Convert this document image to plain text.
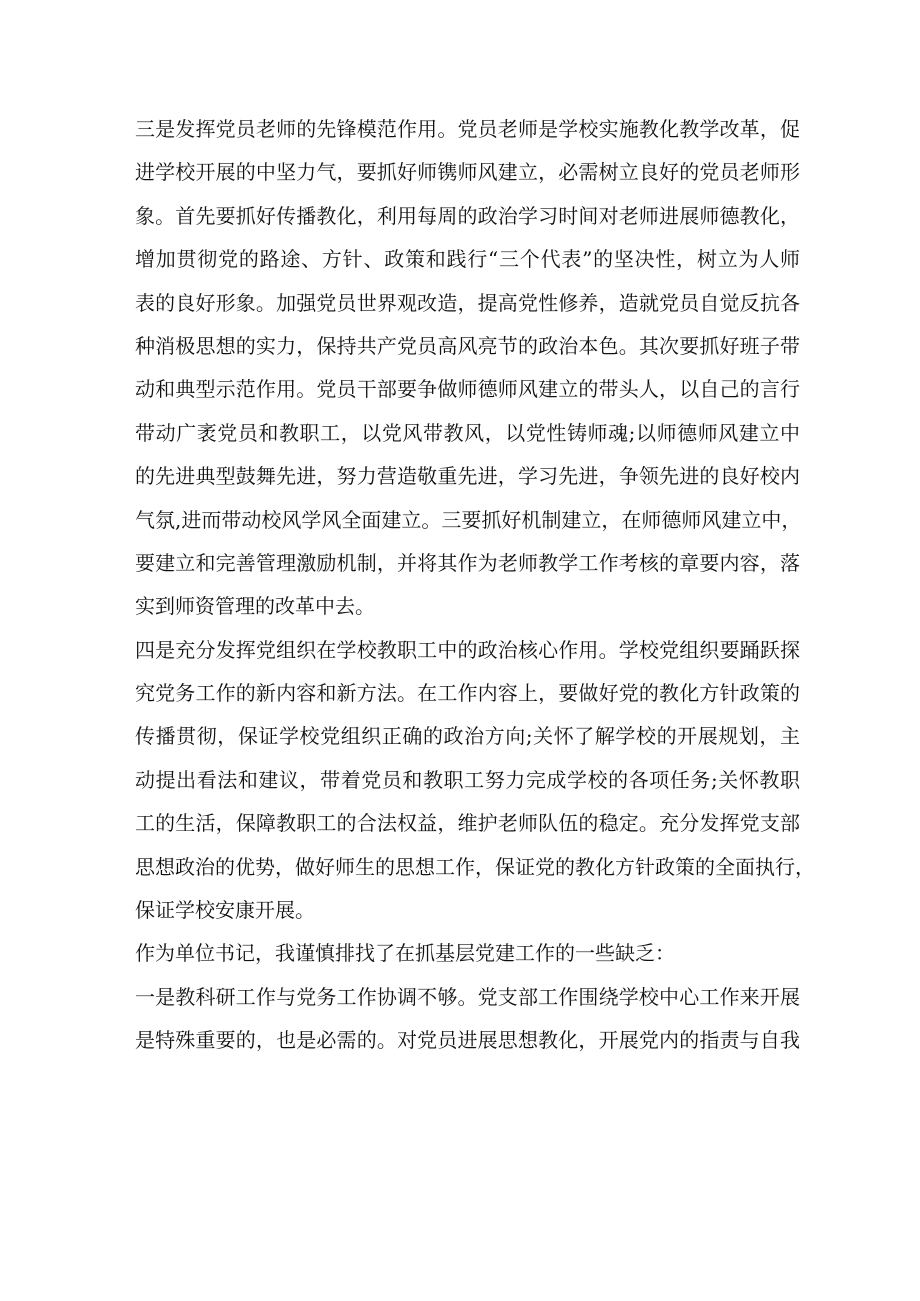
三是发挥党员老师的先锋模范作用。党员老师是学校实施教化教学改革，促
进学校开展的中坚力气，要抓好师镌师风建立，必需树立良好的党员老师形
象。首先要抓好传播教化，利用每周的政治学习时间对老师进展师德教化，
增加贯彻党的路途、方针、政策和践行“三个代表”的坚决性，树立为人师
表的良好形象。加强党员世界观改造，提高党性修养，造就党员自觉反抗各
种消极思想的实力，保持共产党员高风亮节的政治本色。其次要抓好班子带
动和典型示范作用。党员干部要争做师德师风建立的带头人，以自己的言行
带动广袤党员和教职工，以党风带教风，以党性铸师魂;以师德师风建立中
的先进典型鼓舞先进，努力营造敬重先进，学习先进，争领先进的良好校内
气氛,进而带动校风学风全面建立。三要抓好机制建立，在师德师风建立中，
要建立和完善管理激励机制，并将其作为老师教学工作考核的章要内容，落
实到师资管理的改革中去。
四是充分发挥党组织在学校教职工中的政治核心作用。学校党组织要踊跃探
究党务工作的新内容和新方法。在工作内容上，要做好党的教化方针政策的
传播贯彻，保证学校党组织正确的政治方向;关怀了解学校的开展规划，主
动提出看法和建议，带着党员和教职工努力完成学校的各项任务;关怀教职
工的生活，保障教职工的合法权益，维护老师队伍的稳定。充分发挥党支部
思想政治的优势，做好师生的思想工作，保证党的教化方针政策的全面执行，
保证学校安康开展。
作为单位书记，我谨慎排找了在抓基层党建工作的一些缺乏：
一是教科研工作与党务工作协调不够。党支部工作围绕学校中心工作来开展
是特殊重要的，也是必需的。对党员进展思想教化，开展党内的指责与自我
